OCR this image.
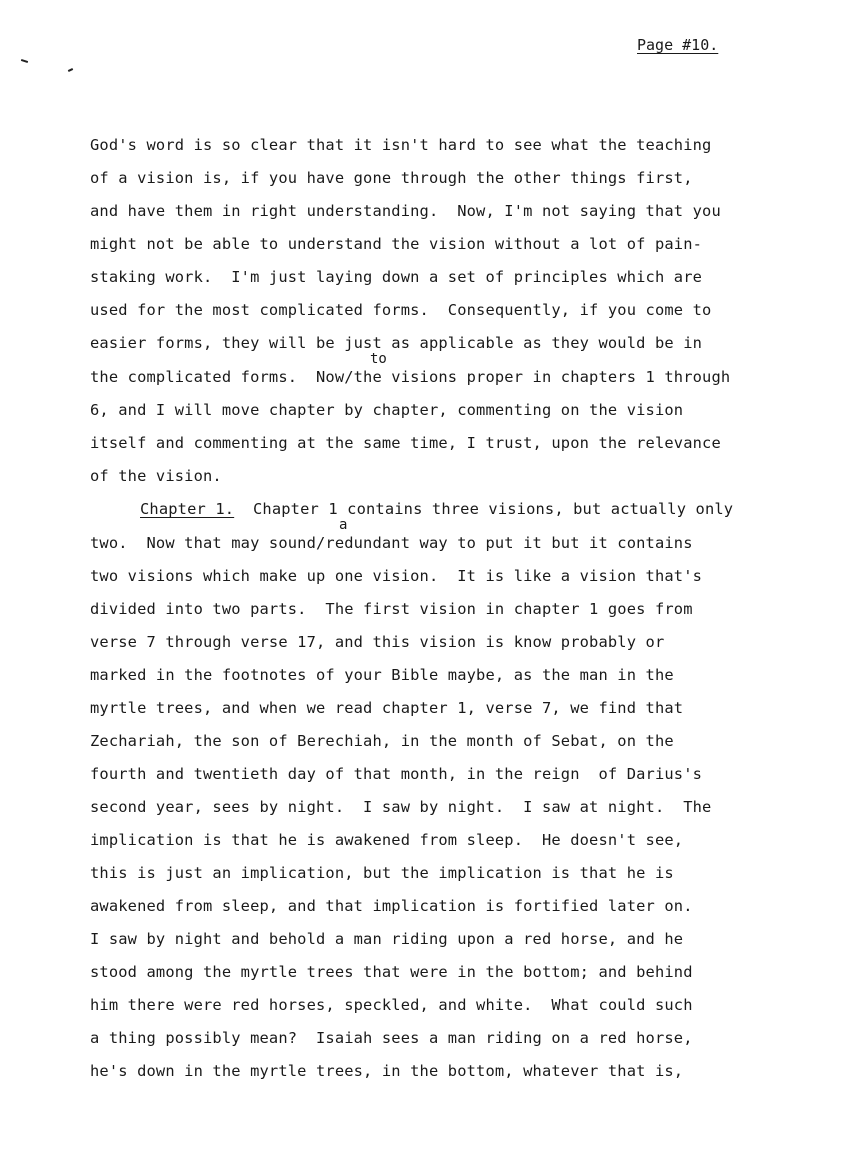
Page #10.
God's word is so clear that it isn't hard to see what the teaching
of a vision is, if you have gone through the other things first,
and have them in right understanding.  Now, I'm not saying that you
might not be able to understand the vision without a lot of pain-
staking work.  I'm just laying down a set of principles which are
used for the most complicated forms.  Consequently, if you come to
easier forms, they will be just as applicable as they would be in
to
the complicated forms.  Now/the visions proper in chapters 1 through
6, and I will move chapter by chapter, commenting on the vision
itself and commenting at the same time, I trust, upon the relevance
of the vision.
Chapter 1.  Chapter 1 contains three visions, but actually only
a
two.  Now that may sound/redundant way to put it but it contains
two visions which make up one vision.  It is like a vision that's
divided into two parts.  The first vision in chapter 1 goes from
verse 7 through verse 17, and this vision is know probably or
marked in the footnotes of your Bible maybe, as the man in the
myrtle trees, and when we read chapter 1, verse 7, we find that
Zechariah, the son of Berechiah, in the month of Sebat, on the
fourth and twentieth day of that month, in the reign  of Darius's
second year, sees by night.  I saw by night.  I saw at night.  The
implication is that he is awakened from sleep.  He doesn't see,
this is just an implication, but the implication is that he is
awakened from sleep, and that implication is fortified later on.
I saw by night and behold a man riding upon a red horse, and he
stood among the myrtle trees that were in the bottom; and behind
him there were red horses, speckled, and white.  What could such
a thing possibly mean?  Isaiah sees a man riding on a red horse,
he's down in the myrtle trees, in the bottom, whatever that is,
